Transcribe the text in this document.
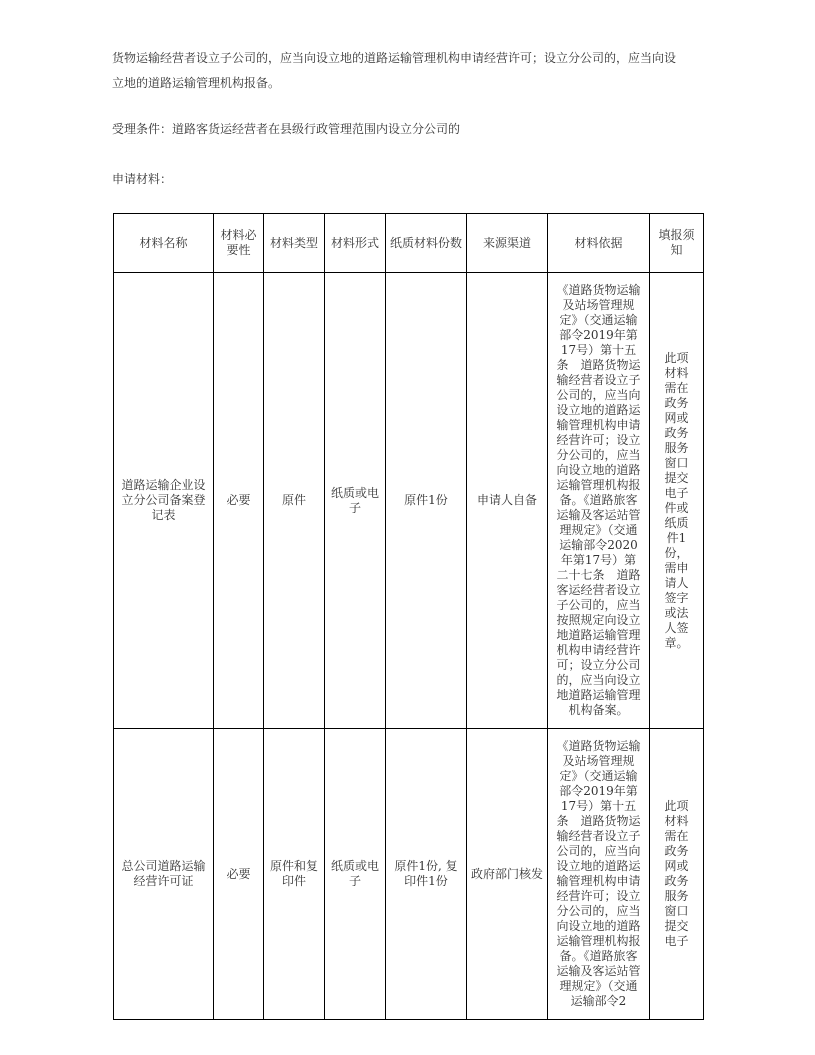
货物运输经营者设立子公司的，应当向设立地的道路运输管理机构申请经营许可；设立分公司的，应当向设
立地的道路运输管理机构报备。
受理条件：道路客货运经营者在县级行政管理范围内设立分公司的
申请材料：
材料名称	材料必要性	材料类型	材料形式	纸质材料份数	来源渠道	材料依据	填报须知
道路运输企业设立分公司备案登记表	必要	原件	纸质或电子	原件1份	申请人自备	《道路货物运输及站场管理规定》（交通运输部令2019年第17号）第十五条　道路货物运输经营者设立子公司的，应当向设立地的道路运输管理机构申请经营许可；设立分公司的，应当向设立地的道路运输管理机构报备。《道路旅客运输及客运站管理规定》（交通运输部令2020年第17号）第二十七条　道路客运经营者设立子公司的，应当按照规定向设立地道路运输管理机构申请经营许可；设立分公司的，应当向设立地道路运输管理机构备案。	此项材料需在政务网或政务服务窗口提交电子件或纸质件1份，需申请人签字或法人签章。
总公司道路运输经营许可证	必要	原件和复印件	纸质或电子	原件1份, 复印件1份	政府部门核发	《道路货物运输及站场管理规定》（交通运输部令2019年第17号）第十五条　道路货物运输经营者设立子公司的，应当向设立地的道路运输管理机构申请经营许可；设立分公司的，应当向设立地的道路运输管理机构报备。《道路旅客运输及客运站管理规定》（交通运输部令2	此项材料需在政务网或政务服务窗口提交电子
